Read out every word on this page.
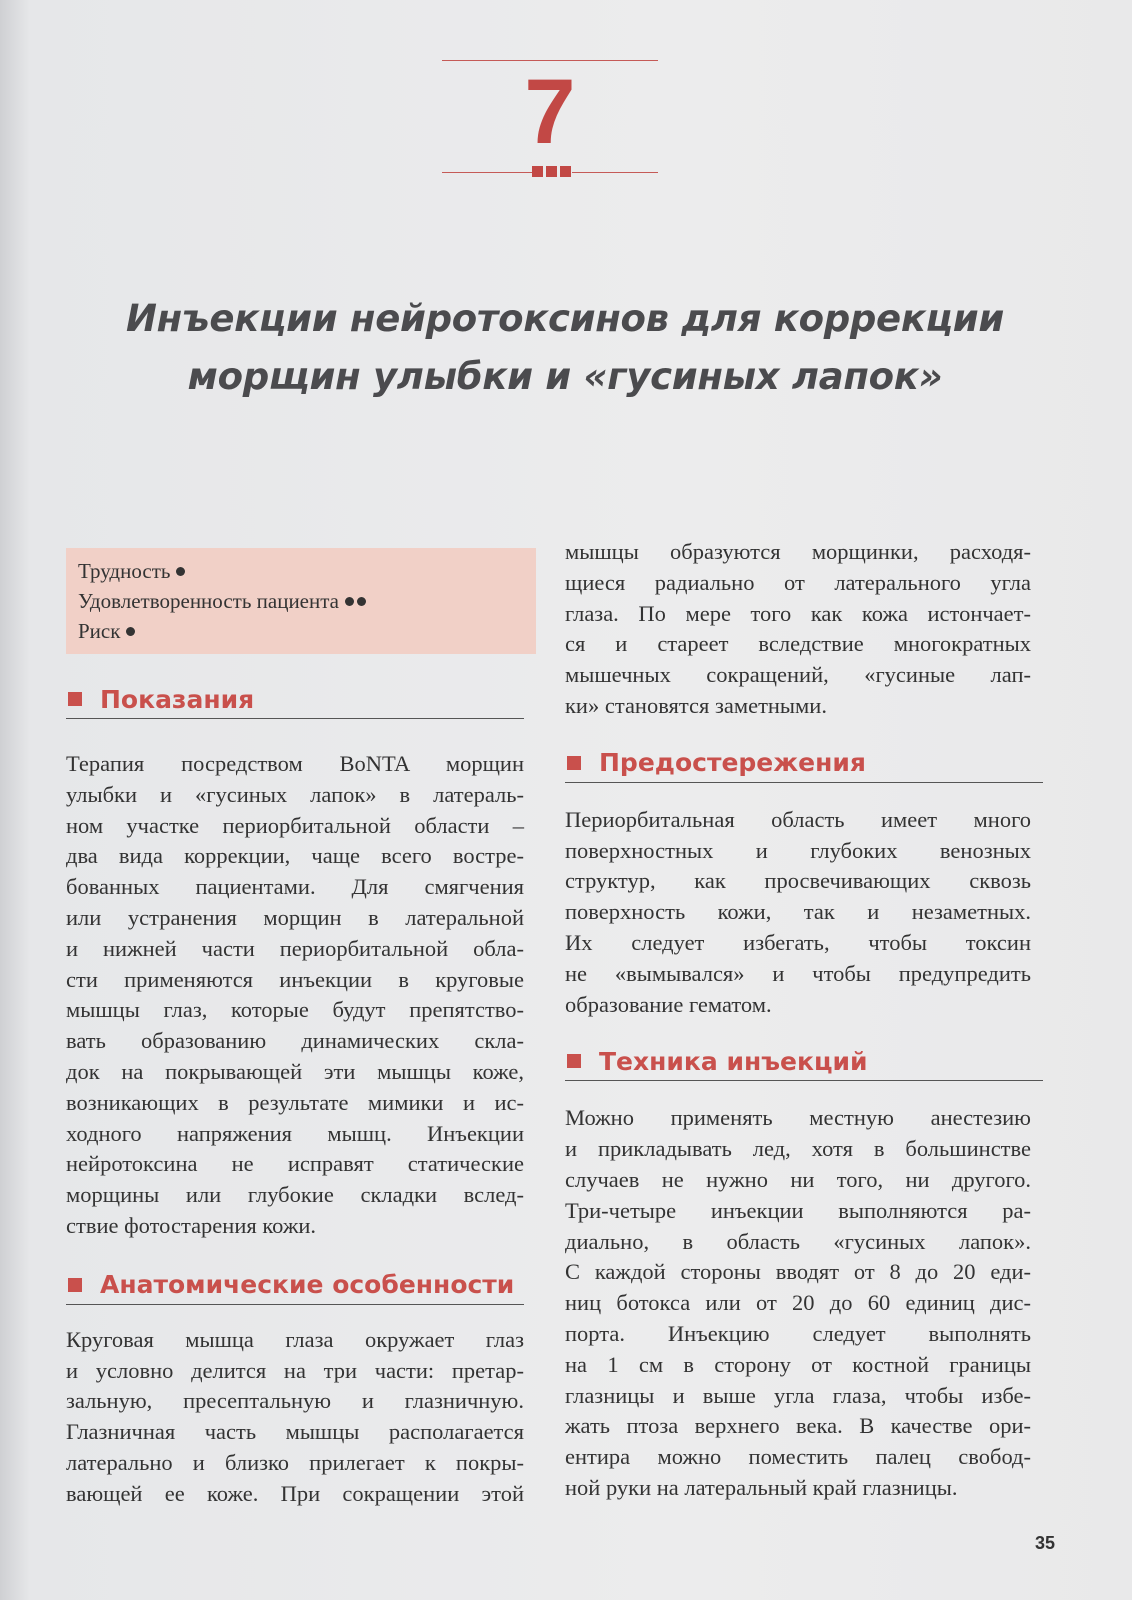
7
Инъекции нейротоксинов для коррекции
морщин улыбки и «гусиных лапок»
Трудность
Удовлетворенность пациента
Риск
Показания
Терапия посредством BoNTA морщин
улыбки и «гусиных лапок» в латераль-
ном участке периорбитальной области –
два вида коррекции, чаще всего востре-
бованных пациентами. Для смягчения
или устранения морщин в латеральной
и нижней части периорбитальной обла-
сти применяются инъекции в круговые
мышцы глаз, которые будут препятство-
вать образованию динамических скла-
док на покрывающей эти мышцы коже,
возникающих в результате мимики и ис-
ходного напряжения мышц. Инъекции
нейротоксина не исправят статические
морщины или глубокие складки вслед-
ствие фотостарения кожи.
Анатомические особенности
Круговая мышца глаза окружает глаз
и условно делится на три части: претар-
зальную, пресептальную и глазничную.
Глазничная часть мышцы располагается
латерально и близко прилегает к покры-
вающей ее коже. При сокращении этой
мышцы образуются морщинки, расходя-
щиеся радиально от латерального угла
глаза. По мере того как кожа истончает-
ся и стареет вследствие многократных
мышечных сокращений, «гусиные лап-
ки» становятся заметными.
Предостережения
Периорбитальная область имеет много
поверхностных и глубоких венозных
структур, как просвечивающих сквозь
поверхность кожи, так и незаметных.
Их следует избегать, чтобы токсин
не «вымывался» и чтобы предупредить
образование гематом.
Техника инъекций
Можно применять местную анестезию
и прикладывать лед, хотя в большинстве
случаев не нужно ни того, ни другого.
Три-четыре инъекции выполняются ра-
диально, в область «гусиных лапок».
С каждой стороны вводят от 8 до 20 еди-
ниц ботокса или от 20 до 60 единиц дис-
порта. Инъекцию следует выполнять
на 1 см в сторону от костной границы
глазницы и выше угла глаза, чтобы избе-
жать птоза верхнего века. В качестве ори-
ентира можно поместить палец свобод-
ной руки на латеральный край глазницы.
35
